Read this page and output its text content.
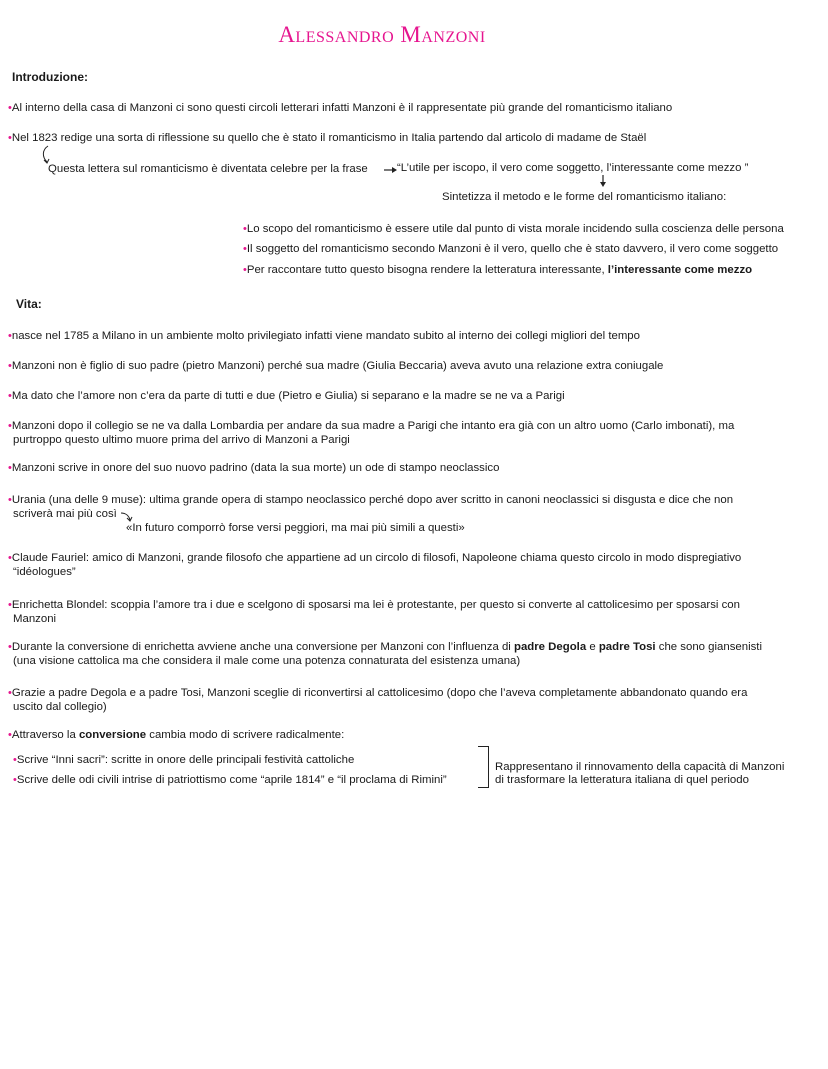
Alessandro Manzoni
Introduzione:
•Al interno della casa di Manzoni ci sono questi circoli letterari infatti Manzoni è il rappresentate più grande del romanticismo italiano
•Nel 1823 redige una sorta di riflessione su quello che è stato il romanticismo in Italia partendo dal articolo di madame de Staël
Questa lettera sul romanticismo è diventata celebre per la frase	“L’utile per iscopo, il vero come soggetto, l’interessante come mezzo ”
Sintetizza il metodo e le forme del romanticismo italiano:
•Lo scopo del romanticismo è essere utile dal punto di vista morale incidendo sulla coscienza delle persona
•Il soggetto del romanticismo secondo Manzoni è il vero, quello che è stato davvero, il vero come soggetto
•Per raccontare tutto questo bisogna rendere la letteratura interessante, l’interessante come mezzo
Vita:
•nasce nel 1785 a Milano in un ambiente molto privilegiato infatti viene mandato subito al interno dei collegi migliori del tempo
•Manzoni non è figlio di suo padre (pietro Manzoni) perché sua madre (Giulia Beccaria) aveva avuto una relazione extra coniugale
•Ma dato che l’amore non c’era da parte di tutti e due (Pietro e Giulia) si separano e la madre se ne va a Parigi
•Manzoni dopo il collegio se ne va dalla Lombardia per andare da sua madre a Parigi che intanto era già con un altro uomo (Carlo imbonati), ma
purtroppo questo ultimo muore prima del arrivo di Manzoni a Parigi
•Manzoni scrive in onore del suo nuovo padrino (data la sua morte) un ode di stampo neoclassico
•Urania (una delle 9 muse): ultima grande opera di stampo neoclassico perché dopo aver scritto in canoni neoclassici si disgusta e dice che non
scriverà mai più così
«In futuro comporrò forse versi peggiori, ma mai più simili a questi»
•Claude Fauriel: amico di Manzoni, grande filosofo che appartiene ad un circolo di filosofi, Napoleone chiama questo circolo in modo dispregiativo
“idéologues”
•Enrichetta Blondel: scoppia l’amore tra i due e scelgono di sposarsi ma lei è protestante, per questo si converte al cattolicesimo per sposarsi con
Manzoni
•Durante la conversione di enrichetta avviene anche una conversione per Manzoni con l’influenza di padre Degola e padre Tosi che sono giansenisti
(una visione cattolica ma che considera il male come una potenza connaturata del esistenza umana)
•Grazie a padre Degola e a padre Tosi, Manzoni sceglie di riconvertirsi al cattolicesimo (dopo che l’aveva completamente abbandonato quando era
uscito dal collegio)
•Attraverso la conversione cambia modo di scrivere radicalmente:
•Scrive “Inni sacri”: scritte in onore delle principali festività cattoliche
•Scrive delle odi civili intrise di patriottismo come “aprile 1814” e “il proclama di Rimini”
Rappresentano il rinnovamento della capacità di Manzoni
di trasformare la letteratura italiana di quel periodo
